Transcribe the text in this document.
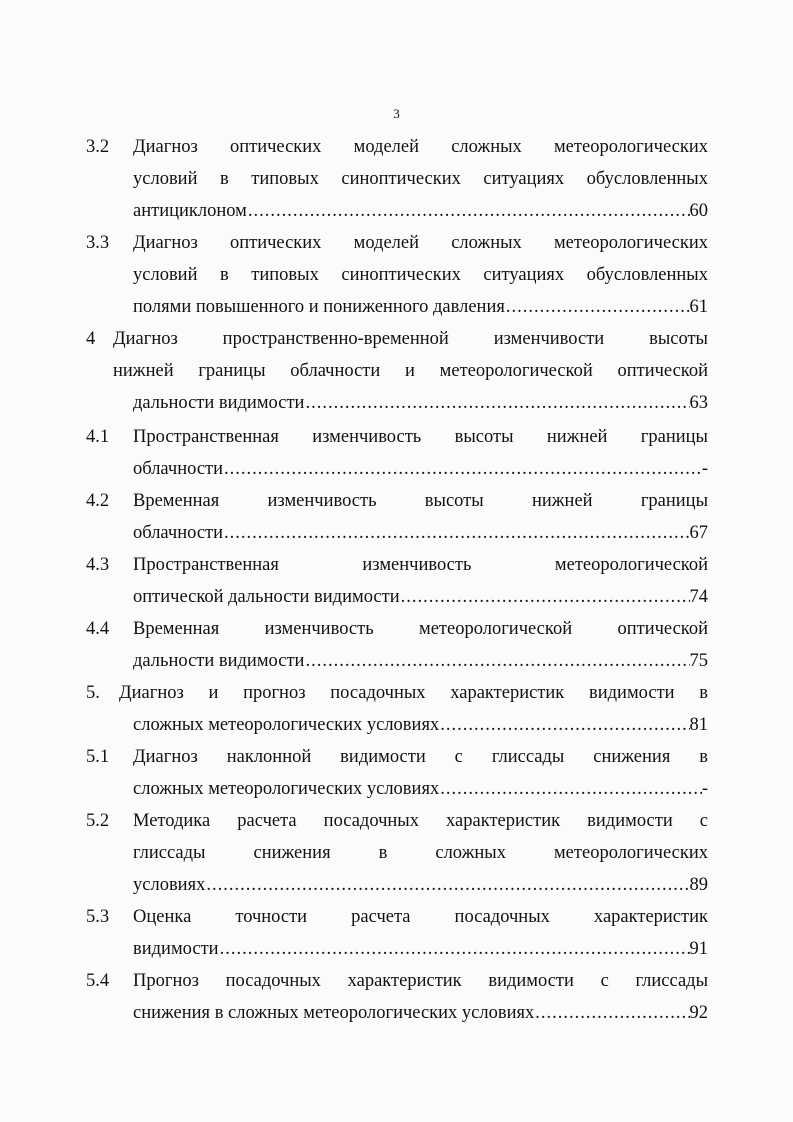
3
3.2 Диагноз оптических моделей сложных метеорологических
условий в типовых синоптических ситуациях обусловленных
антициклоном .....	60
3.3 Диагноз оптических моделей сложных метеорологических
условий в типовых синоптических ситуациях обусловленных
полями повышенного и пониженного давления .....	61
4 Диагноз пространственно-временной изменчивости высоты
нижней границы облачности и метеорологической оптической
дальности видимости .....	63
4.1 Пространственная изменчивость высоты нижней границы
облачности .....	-
4.2 Временная изменчивость высоты нижней границы
облачности .....	67
4.3 Пространственная изменчивость метеорологической
оптической дальности видимости .....	74
4.4 Временная изменчивость метеорологической оптической
дальности видимости .....	75
5. Диагноз и прогноз посадочных характеристик видимости в
сложных метеорологических условиях .....	81
5.1 Диагноз наклонной видимости с глиссады снижения в
сложных метеорологических условиях .....	-
5.2 Методика расчета посадочных характеристик видимости с
глиссады снижения в сложных метеорологических
условиях .....	89
5.3 Оценка точности расчета посадочных характеристик
видимости .....	91
5.4 Прогноз посадочных характеристик видимости с глиссады
снижения в сложных метеорологических условиях .....	92
